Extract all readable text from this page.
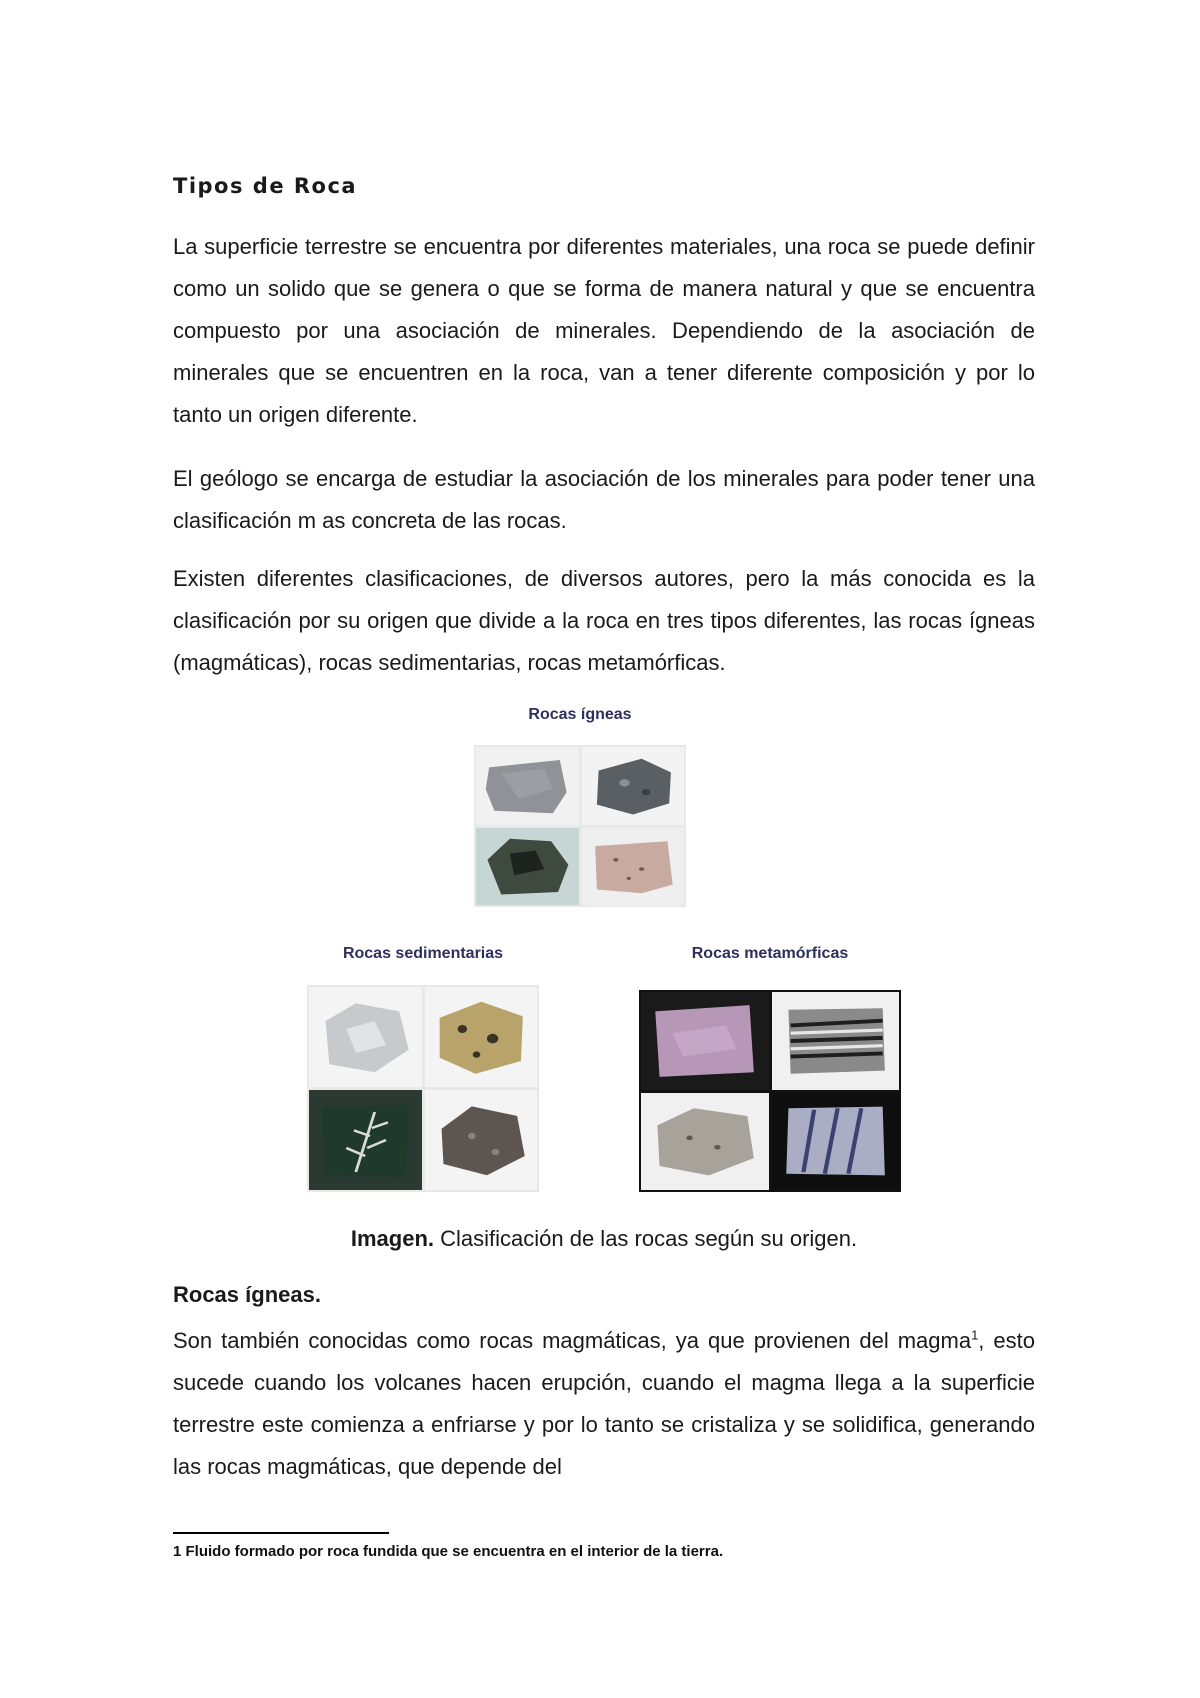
Tipos de Roca

La superficie terrestre se encuentra por diferentes materiales, una roca se puede definir como un solido que se genera o que se forma de manera natural y que se encuentra compuesto por una asociación de minerales. Dependiendo de la asociación de minerales que se encuentren en la roca, van a tener diferente composición y por lo tanto un origen diferente.

El geólogo se encarga de estudiar la asociación de los minerales para poder tener una clasificación m as concreta de las rocas.

Existen diferentes clasificaciones, de diversos autores, pero la más conocida es la clasificación por su origen que divide a la roca en tres tipos diferentes, las rocas ígneas (magmáticas), rocas sedimentarias, rocas metamórficas.

Rocas ígneas

Rocas sedimentarias	Rocas metamórficas

Imagen. Clasificación de las rocas según su origen.

Rocas ígneas.

Son también conocidas como rocas magmáticas, ya que provienen del magma$^1$, esto sucede cuando los volcanes hacen erupción, cuando el magma llega a la superficie terrestre este comienza a enfriarse y por lo tanto se cristaliza y se solidifica, generando las rocas magmáticas, que depende del

1 Fluido formado por roca fundida que se encuentra en el interior de la tierra.
